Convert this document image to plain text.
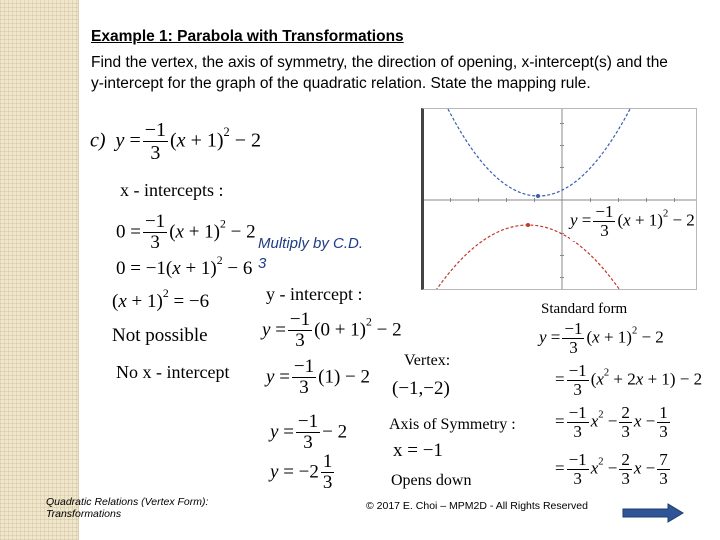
Example 1: Parabola with Transformations
Find the vertex, the axis of symmetry, the direction of opening, x-intercept(s) and the y-intercept for the graph of the quadratic relation. State the mapping rule.
c) $y = \frac{-1}{3} (x + 1)^2 - 2$
x - intercepts :
$0 = \frac{-1}{3} (x + 1)^2 - 2$
$0 = -1(x + 1)^2 - 6$
$(x + 1)^2 = -6$
Not possible
No x - intercept
Multiply by C.D.
3
y - intercept :
$y = \frac{-1}{3} (0 + 1)^2 - 2$
$y = \frac{-1}{3} (1) - 2$
$y = \frac{-1}{3} - 2$
$y = -2 \frac{1}{3}$
Vertex:
(−1,−2)
Axis of Symmetry :
x = −1
Opens down
Standard form
$y = \frac{-1}{3} (x + 1)^2 - 2$
= $\frac{-1}{3} (x^2 + 2x + 1) - 2$
= $\frac{-1}{3} x^2 - \frac{2}{3}$ $x - \frac{1}{3}$
= $\frac{-1}{3} x^2 - \frac{2}{3}$ $x - \frac{7}{3}$
$y = \frac{-1}{3} (x + 1)^2 - 2$
Quadratic Relations (Vertex Form):
Transformations
© 2017 E. Choi – MPM2D - All Rights Reserved
